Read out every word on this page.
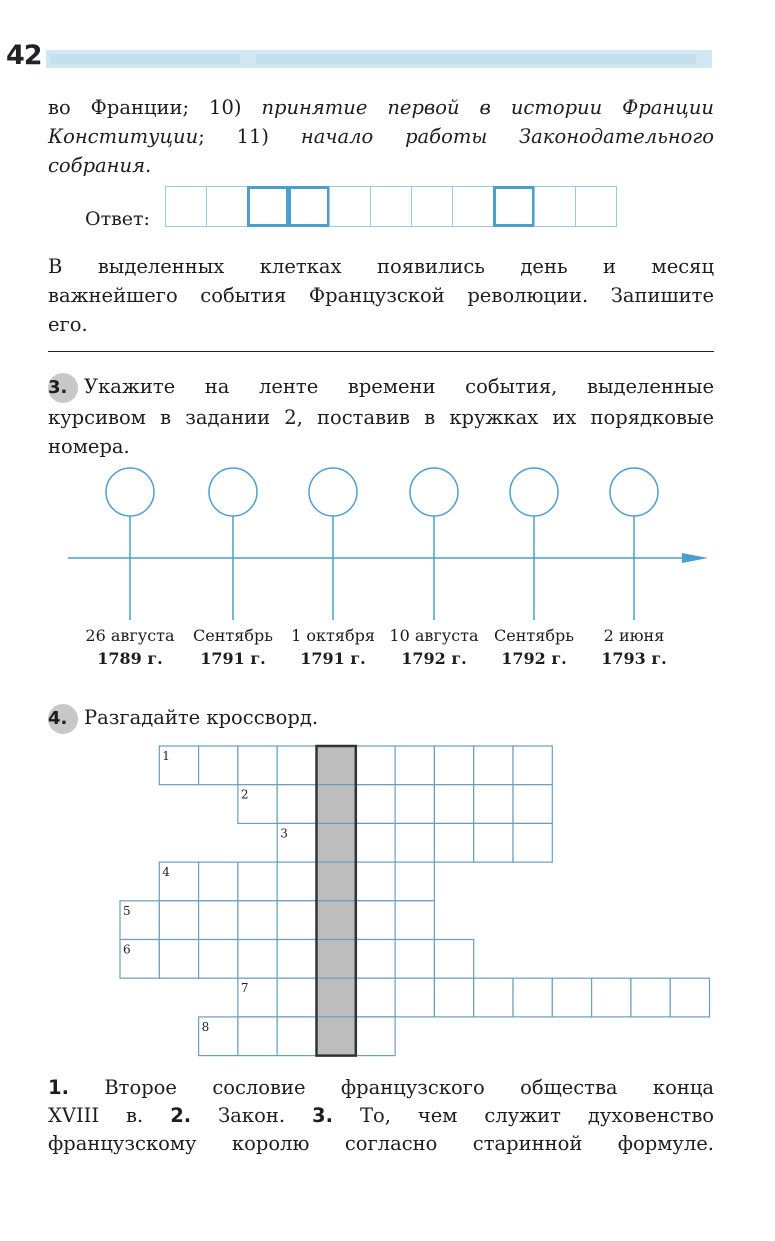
42
во Франции; 10) принятие первой в истории Франции
Конституции; 11) начало работы Законодательного
собрания.
Ответ:
В выделенных клетках появились день и месяц
важнейшего события Французской революции. Запишите
его.
3. Укажите на ленте времени события, выделенные
курсивом в задании 2, поставив в кружках их порядковые
номера.
26 августа
1789 г.
Сентябрь
1791 г.
1 октября
1791 г.
10 августа
1792 г.
Сентябрь
1792 г.
2 июня
1793 г.
4. Разгадайте кроссворд.
1
2
3
4
5
6
7
8
1. Второе сословие французского общества конца
XVIII в. 2. Закон. 3. То, чем служит духовенство
французскому королю согласно старинной формуле.
